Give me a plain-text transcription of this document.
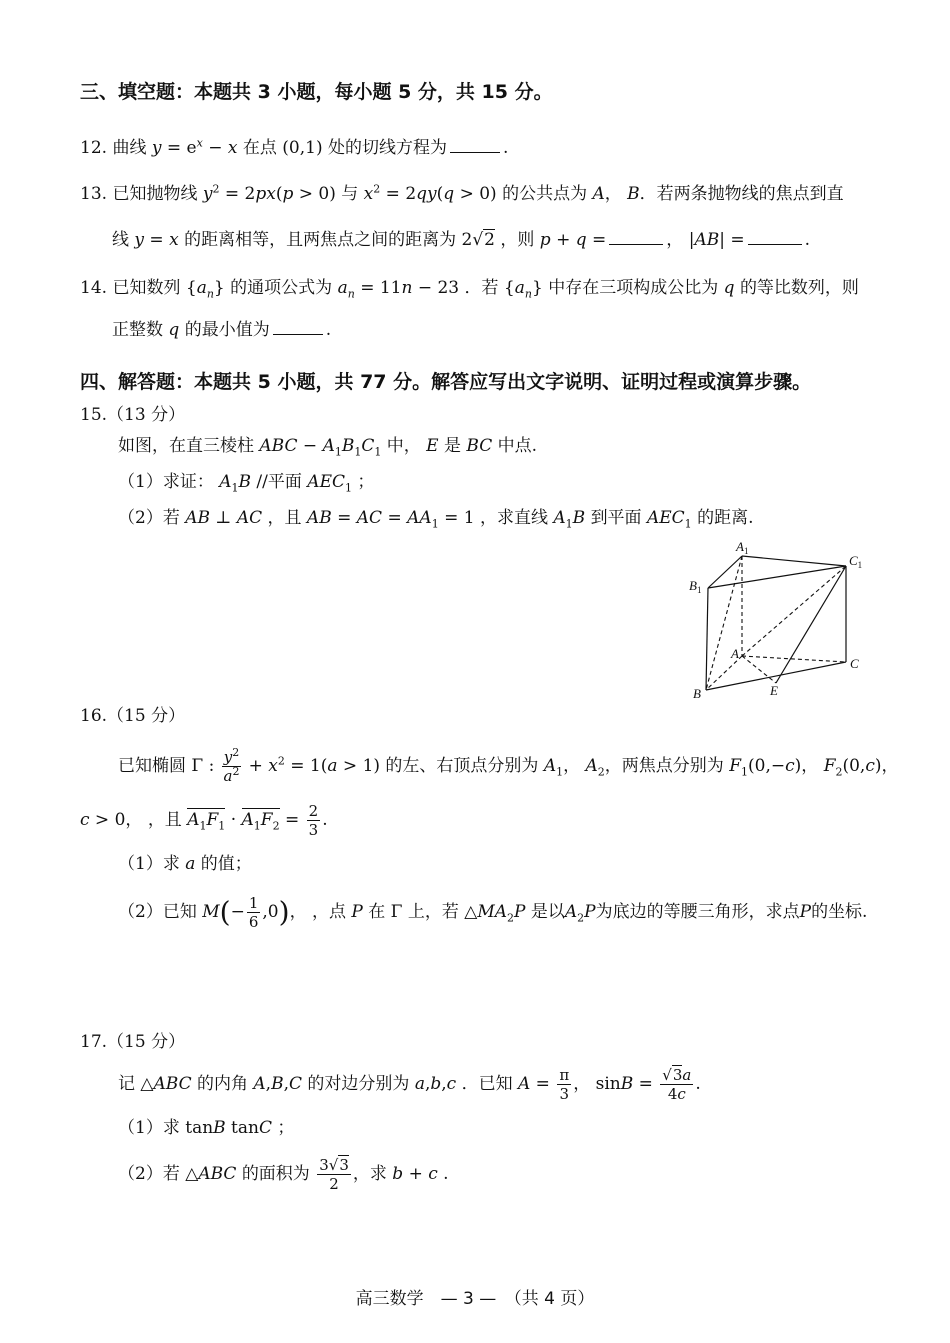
三、填空题：本题共 3 小题，每小题 5 分，共 15 分。
12. 曲线 $y = e^x - x$ 在点 (0,1) 处的切线方程为	.
13. 已知抛物线 $y^2 = 2px(p > 0)$ 与 $x^2 = 2qy(q > 0)$ 的公共点为 A， B．若两条抛物线的焦点到直
线 y = x 的距离相等，且两焦点之间的距离为 2√2 ，则 p + q =	， |AB| =	.
14. 已知数列 $\{a_n\}$ 的通项公式为 $a_n = 11n - 23$ ．若 $\{a_n\}$ 中存在三项构成公比为 q 的等比数列，则
正整数 q 的最小值为	.
四、解答题：本题共 5 小题，共 77 分。解答应写出文字说明、证明过程或演算步骤。
15.（13 分）
如图，在直三棱柱 ABC − $A_1B_1C_1$ 中， E 是 BC 中点.
（1）求证： $A_1B$ //平面 $AEC_1$ ；
（2）若 AB ⊥ AC ，且 AB = AC = $AA_1 = 1$ ，求直线 $A_1B$ 到平面 $AEC_1$ 的距离.
$A_1$
$C_1$
$B_1$
A
C
B	E
16.（15 分）
已知椭圆 Γ : $\frac{y^2}{a^2} + x^2 = 1(a > 1)$ 的左、右顶点分别为 $A_1$， $A_2$，两焦点分别为 $F_1(0,-c)$， $F_2(0,c)$，
c > 0， ，且 $A_1F_1 \cdot A_1F_2 = \frac{2}{3}$ .
（1）求 a 的值；
（2）已知 $M(- \frac{1}{6} ,0)$， ，点 P 在 Γ 上，若 $\triangle MA_2P$ 是以$A_2P$为底边的等腰三角形，求点P的坐标.
17.（15 分）
记 △ABC 的内角 A,B,C 的对边分别为 a,b,c ．已知 $A = \frac{\pi}{3}$ ， $\sin B = \frac{√3a}{4c}$ .
（1）求 tanB tanC ；
（2）若 △ABC 的面积为 $\frac{3√3}{2}$ ，求 b + c .
高三数学　— 3 —　（共 4 页）
